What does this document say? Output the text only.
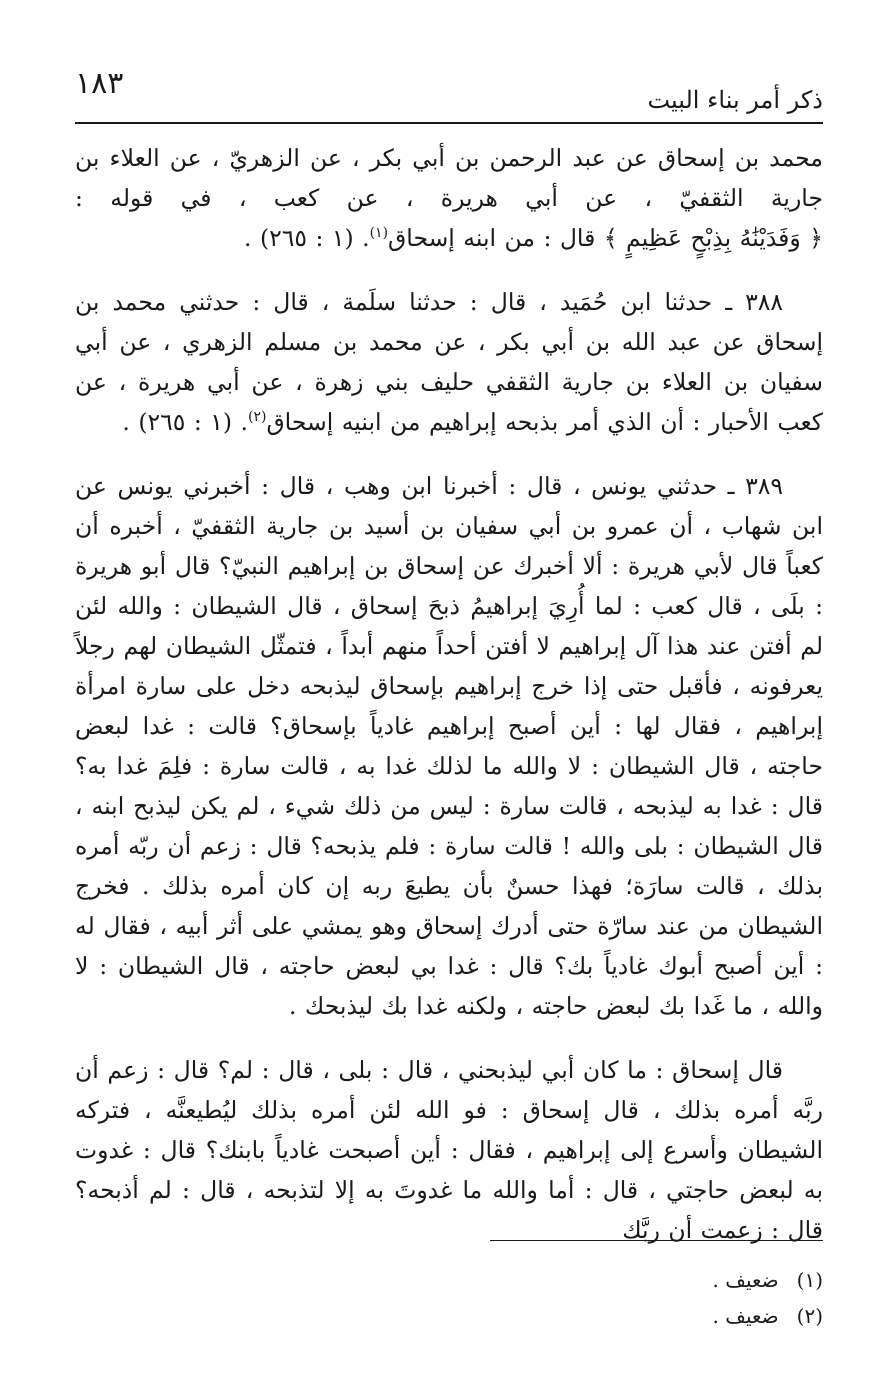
١٨٣	ذكر أمر بناء البيت

محمد بن إسحاق عن عبد الرحمن بن أبي بكر ، عن الزهريّ ، عن العلاء بن جارية الثقفيّ ، عن أبي هريرة ، عن كعب ، في قوله : ﴿ وَفَدَيْنَٰهُ بِذِبْحٍ عَظِيمٍ ﴾ قال : من ابنه إسحاق$^{(١)}$. (١ : ٢٦٥) .

٣٨٨ ـ حدثنا ابن حُمَيد ، قال : حدثنا سلَمة ، قال : حدثني محمد بن إسحاق عن عبد الله بن أبي بكر ، عن محمد بن مسلم الزهري ، عن أبي سفيان بن العلاء بن جارية الثقفي حليف بني زهرة ، عن أبي هريرة ، عن كعب الأحبار : أن الذي أمر بذبحه إبراهيم من ابنيه إسحاق$^{(٢)}$. (١ : ٢٦٥) .

٣٨٩ ـ حدثني يونس ، قال : أخبرنا ابن وهب ، قال : أخبرني يونس عن ابن شهاب ، أن عمرو بن أبي سفيان بن أسيد بن جارية الثقفيّ ، أخبره أن كعباً قال لأبي هريرة : ألا أخبرك عن إسحاق بن إبراهيم النبيّ؟ قال أبو هريرة : بلَى ، قال كعب : لما أُرِيَ إبراهيمُ ذبحَ إسحاق ، قال الشيطان : والله لئن لم أفتن عند هذا آل إبراهيم لا أفتن أحداً منهم أبداً ، فتمثّل الشيطان لهم رجلاً يعرفونه ، فأقبل حتى إذا خرج إبراهيم بإسحاق ليذبحه دخل على سارة امرأة إبراهيم ، فقال لها : أين أصبح إبراهيم غادياً بإسحاق؟ قالت : غدا لبعض حاجته ، قال الشيطان : لا والله ما لذلك غدا به ، قالت سارة : فلِمَ غدا به؟ قال : غدا به ليذبحه ، قالت سارة : ليس من ذلك شيء ، لم يكن ليذبح ابنه ، قال الشيطان : بلى والله ! قالت سارة : فلم يذبحه؟ قال : زعم أن ربّه أمره بذلك ، قالت سارَة؛ فهذا حسنٌ بأن يطيعَ ربه إن كان أمره بذلك . فخرج الشيطان من عند سارّة حتى أدرك إسحاق وهو يمشي على أثر أبيه ، فقال له : أين أصبح أبوك غادياً بك؟ قال : غدا بي لبعض حاجته ، قال الشيطان : لا والله ، ما غَدا بك لبعض حاجته ، ولكنه غدا بك ليذبحك .

قال إسحاق : ما كان أبي ليذبحني ، قال : بلى ، قال : لم؟ قال : زعم أن ربَّه أمره بذلك ، قال إسحاق : فو الله لئن أمره بذلك ليُطيعنَّه ، فتركه الشيطان وأسرع إلى إبراهيم ، فقال : أين أصبحت غادياً بابنك؟ قال : غدوت به لبعض حاجتي ، قال : أما والله ما غدوتَ به إلا لتذبحه ، قال : لم أذبحه؟ قال : زعمت أن ربَّك

(١)ضعيف .
(٢)ضعيف .
